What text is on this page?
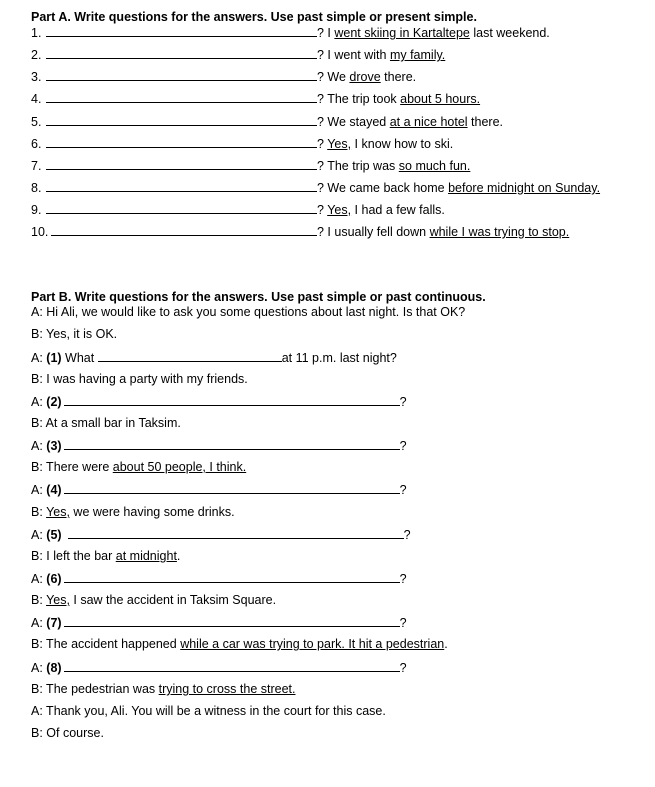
Part A. Write questions for the answers. Use past simple or present simple.
1.	? I went skiing in Kartaltepe last weekend.
2.	? I went with my family.
3.	? We drove there.
4.	? The trip took about 5 hours.
5.	? We stayed at a nice hotel there.
6.	? Yes, I know how to ski.
7.	? The trip was so much fun.
8.	? We came back home before midnight on Sunday.
9.	? Yes, I had a few falls.
10.	? I usually fell down while I was trying to stop.
Part B. Write questions for the answers. Use past simple or past continuous.
A: Hi Ali, we would like to ask you some questions about last night. Is that OK?
B: Yes, it is OK.
A: (1) What	at 11 p.m. last night?
B: I was having a party with my friends.
A: (2)	?
B: At a small bar in Taksim.
A: (3)	?
B: There were about 50 people, I think.
A: (4)	?
B: Yes, we were having some drinks.
A: (5)	?
B: I left the bar at midnight.
A: (6)	?
B: Yes, I saw the accident in Taksim Square.
A: (7)	?
B: The accident happened while a car was trying to park. It hit a pedestrian.
A: (8)	?
B: The pedestrian was trying to cross the street.
A: Thank you, Ali. You will be a witness in the court for this case.
B: Of course.
